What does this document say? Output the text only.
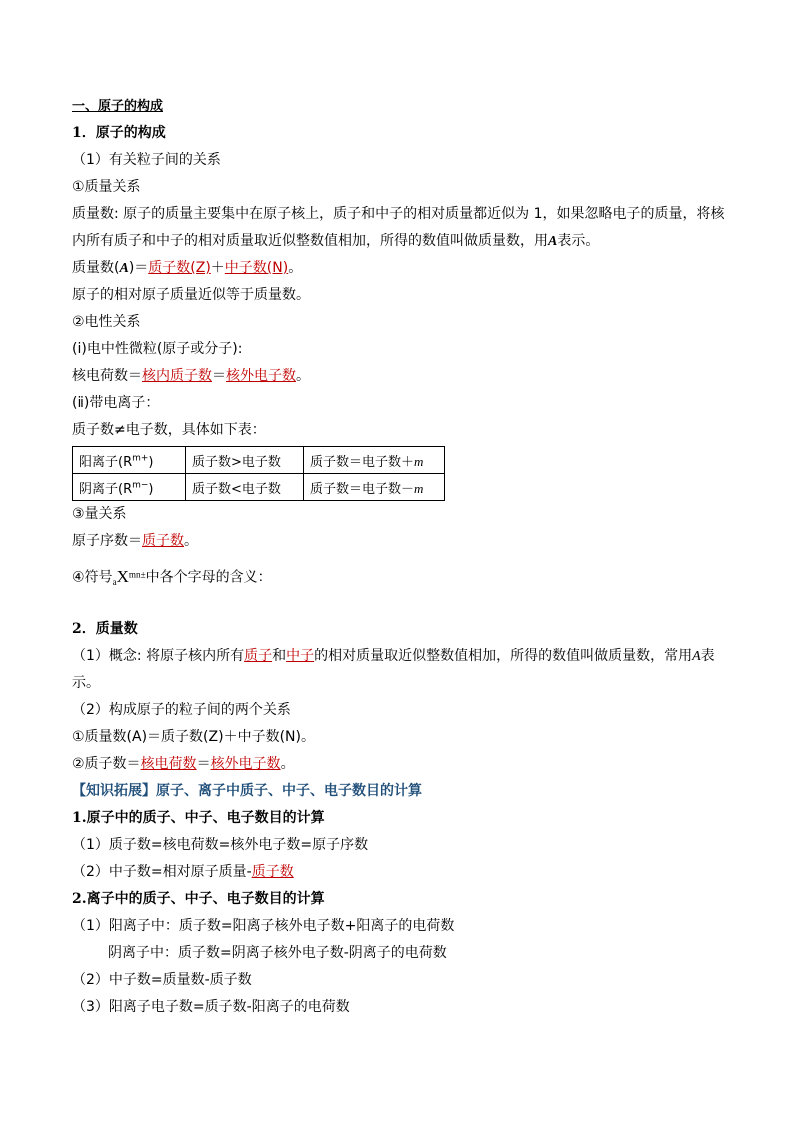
一、原子的构成
1．原子的构成
（1）有关粒子间的关系
①质量关系
质量数: 原子的质量主要集中在原子核上，质子和中子的相对质量都近似为 1，如果忽略电子的质量，将核内所有质子和中子的相对质量取近似整数值相加，所得的数值叫做质量数，用A表示。
质量数(A)＝质子数(Z)＋中子数(N)。
原子的相对原子质量近似等于质量数。
②电性关系
(ⅰ)电中性微粒(原子或分子):
核电荷数＝核内质子数＝核外电子数。
(ⅱ)带电离子：
质子数≠电子数，具体如下表：
阳离子$(R^{m+})$	质子数>电子数	质子数＝电子数＋m
阴离子$(R^{m-})$	质子数<电子数	质子数＝电子数－m
③量关系
原子序数＝质子数。
④符号$_aX^{mn\pm}$中各个字母的含义：
2．质量数
（1）概念: 将原子核内所有质子和中子的相对质量取近似整数值相加，所得的数值叫做质量数，常用A表示。
（2）构成原子的粒子间的两个关系
①质量数(A)＝质子数(Z)＋中子数(N)。
②质子数＝核电荷数＝核外电子数。
【知识拓展】原子、离子中质子、中子、电子数目的计算
1.原子中的质子、中子、电子数目的计算
（1）质子数=核电荷数=核外电子数=原子序数
（2）中子数=相对原子质量-质子数
2.离子中的质子、中子、电子数目的计算
（1）阳离子中：质子数=阳离子核外电子数+阳离子的电荷数
阴离子中：质子数=阴离子核外电子数-阴离子的电荷数
（2）中子数=质量数-质子数
（3）阳离子电子数=质子数-阳离子的电荷数
